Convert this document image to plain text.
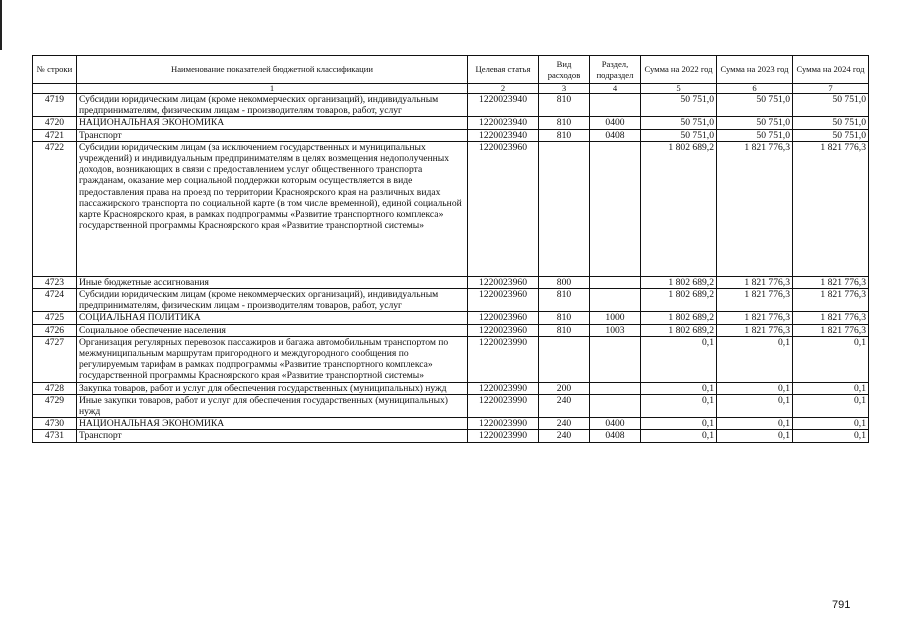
№ строки	Наименование показателей бюджетной классификации	Целевая статья	Вид расходов	Раздел, подраздел	Сумма на 2022 год	Сумма на 2023 год	Сумма на 2024 год
	1	2	3	4	5	6	7
4719	Субсидии юридическим лицам (кроме некоммерческих организаций), индивидуальным предпринимателям, физическим лицам - производителям товаров, работ, услуг	1220023940	810		50 751,0	50 751,0	50 751,0
4720	НАЦИОНАЛЬНАЯ ЭКОНОМИКА	1220023940	810	0400	50 751,0	50 751,0	50 751,0
4721	Транспорт	1220023940	810	0408	50 751,0	50 751,0	50 751,0
4722	Субсидии юридическим лицам (за исключением государственных и муниципальных учреждений) и индивидуальным предпринимателям в целях возмещения недополученных доходов, возникающих в связи с предоставлением услуг общественного транспорта гражданам, оказание мер социальной поддержки которым осуществляется в виде предоставления права на проезд по территории Красноярского края на различных видах пассажирского транспорта по социальной карте (в том числе временной), единой социальной карте Красноярского края, в рамках подпрограммы «Развитие транспортного комплекса» государственной программы Красноярского края «Развитие транспортной системы»	1220023960			1 802 689,2	1 821 776,3	1 821 776,3
4723	Иные бюджетные ассигнования	1220023960	800		1 802 689,2	1 821 776,3	1 821 776,3
4724	Субсидии юридическим лицам (кроме некоммерческих организаций), индивидуальным предпринимателям, физическим лицам - производителям товаров, работ, услуг	1220023960	810		1 802 689,2	1 821 776,3	1 821 776,3
4725	СОЦИАЛЬНАЯ ПОЛИТИКА	1220023960	810	1000	1 802 689,2	1 821 776,3	1 821 776,3
4726	Социальное обеспечение населения	1220023960	810	1003	1 802 689,2	1 821 776,3	1 821 776,3
4727	Организация регулярных перевозок пассажиров и багажа автомобильным транспортом по межмуниципальным маршрутам пригородного и междугородного сообщения по регулируемым тарифам в рамках подпрограммы «Развитие транспортного комплекса» государственной программы Красноярского края «Развитие транспортной системы»	1220023990			0,1	0,1	0,1
4728	Закупка товаров, работ и услуг для обеспечения государственных (муниципальных) нужд	1220023990	200		0,1	0,1	0,1
4729	Иные закупки товаров, работ и услуг для обеспечения государственных (муниципальных) нужд	1220023990	240		0,1	0,1	0,1
4730	НАЦИОНАЛЬНАЯ ЭКОНОМИКА	1220023990	240	0400	0,1	0,1	0,1
4731	Транспорт	1220023990	240	0408	0,1	0,1	0,1
791
